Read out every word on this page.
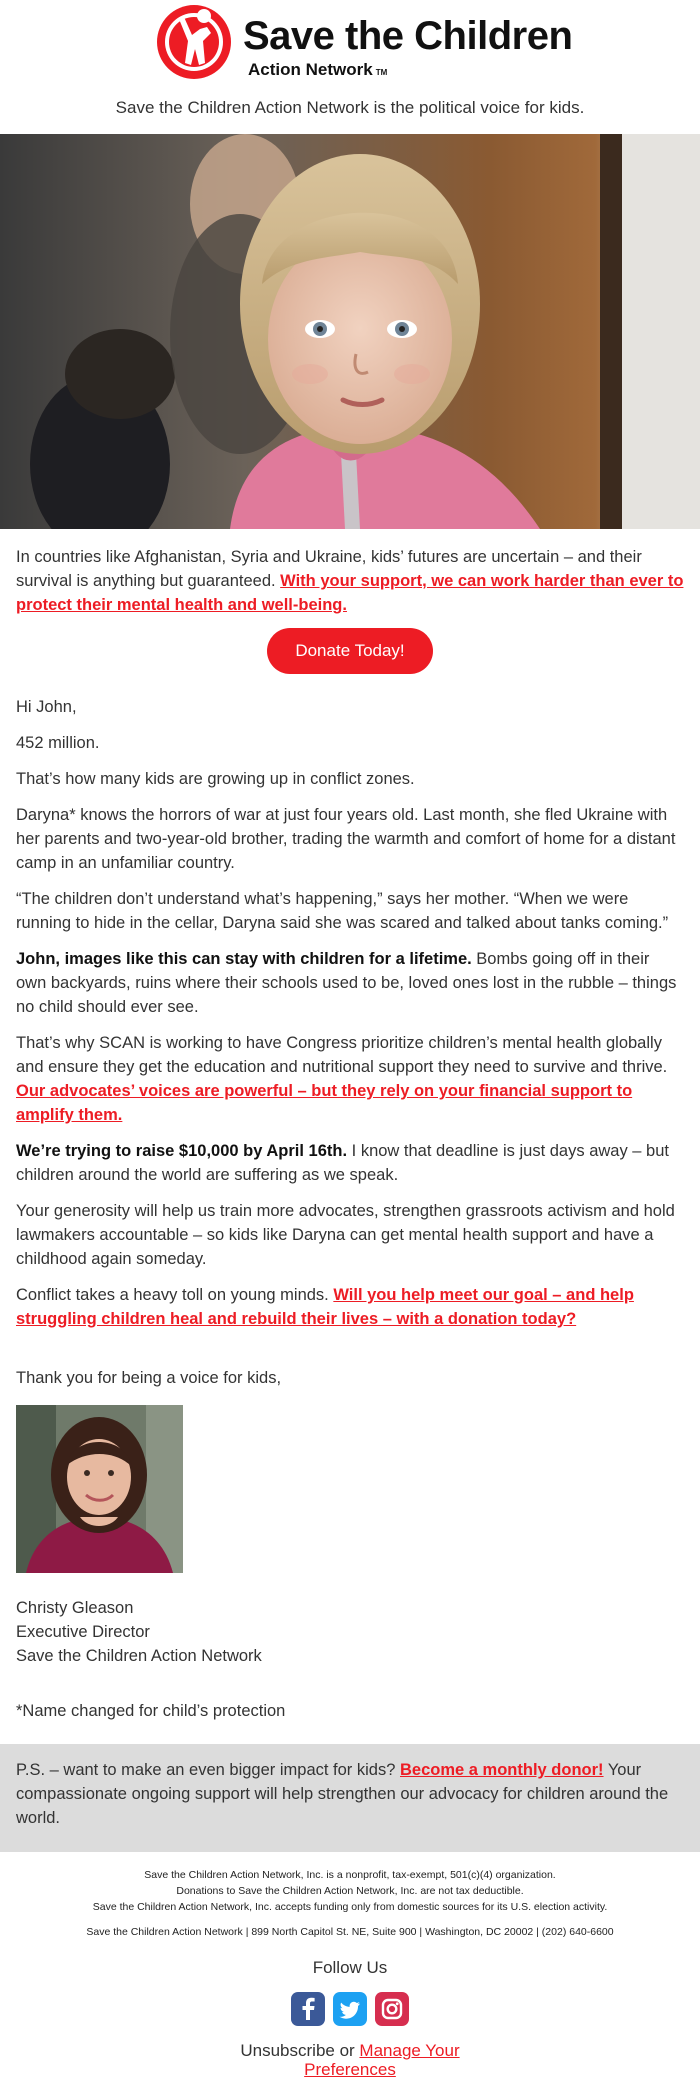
Save the Children
Action Network TM
Save the Children Action Network is the political voice for kids.
In countries like Afghanistan, Syria and Ukraine, kids’ futures are uncertain – and their survival is anything but guaranteed. With your support, we can work harder than ever to protect their mental health and well-being.
Donate Today!
Hi John,
452 million.
That’s how many kids are growing up in conflict zones.
Daryna* knows the horrors of war at just four years old. Last month, she fled Ukraine with her parents and two-year-old brother, trading the warmth and comfort of home for a distant camp in an unfamiliar country.
“The children don’t understand what’s happening,” says her mother. “When we were running to hide in the cellar, Daryna said she was scared and talked about tanks coming.”
John, images like this can stay with children for a lifetime. Bombs going off in their own backyards, ruins where their schools used to be, loved ones lost in the rubble – things no child should ever see.
That’s why SCAN is working to have Congress prioritize children’s mental health globally and ensure they get the education and nutritional support they need to survive and thrive. Our advocates’ voices are powerful – but they rely on your financial support to amplify them.
We’re trying to raise $10,000 by April 16th. I know that deadline is just days away – but children around the world are suffering as we speak.
Your generosity will help us train more advocates, strengthen grassroots activism and hold lawmakers accountable – so kids like Daryna can get mental health support and have a childhood again someday.
Conflict takes a heavy toll on young minds. Will you help meet our goal – and help struggling children heal and rebuild their lives – with a donation today?
Thank you for being a voice for kids,
Christy Gleason
Executive Director
Save the Children Action Network
*Name changed for child’s protection
P.S. – want to make an even bigger impact for kids? Become a monthly donor! Your compassionate ongoing support will help strengthen our advocacy for children around the world.
Save the Children Action Network, Inc. is a nonprofit, tax-exempt, 501(c)(4) organization.
Donations to Save the Children Action Network, Inc. are not tax deductible.
Save the Children Action Network, Inc. accepts funding only from domestic sources for its U.S. election activity.
Save the Children Action Network | 899 North Capitol St. NE, Suite 900 | Washington, DC 20002 | (202) 640-6600
Follow Us
Unsubscribe or Manage Your
Preferences
